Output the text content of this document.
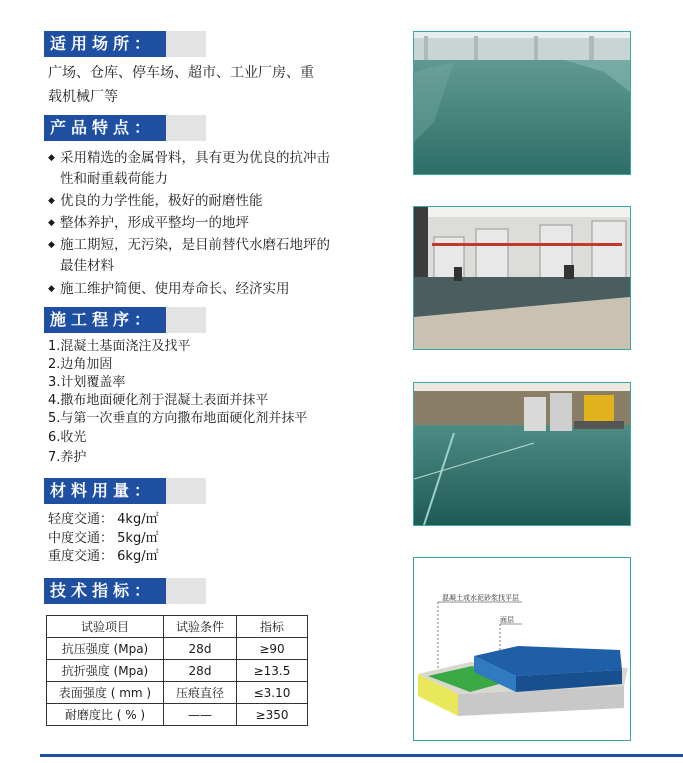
适用场所：
广场、仓库、停车场、超市、工业厂房、重
载机械厂等
产品特点：
◆ 采用精选的金属骨料，具有更为优良的抗冲击
性和耐重载荷能力
◆ 优良的力学性能，极好的耐磨性能
◆ 整体养护，形成平整均一的地坪
◆ 施工期短，无污染，是目前替代水磨石地坪的
最佳材料
◆ 施工维护简便、使用寿命长、经济实用
施工程序：
1.混凝土基面浇注及找平
2.边角加固
3.计划覆盖率
4.撒布地面硬化剂于混凝土表面并抹平
5.与第一次垂直的方向撒布地面硬化剂并抹平
6.收光
7.养护
材料用量：
轻度交通： 4kg/㎡
中度交通： 5kg/㎡
重度交通： 6kg/㎡
技术指标：
试验项目	试验条件	指标
抗压强度 (Mpa)	28d	≥90
抗折强度 (Mpa)	28d	≥13.5
表面强度 ( mm )	压痕直径	≤3.10
耐磨度比 ( % )	——	≥350
混凝土或水泥砂浆找平层
面层
